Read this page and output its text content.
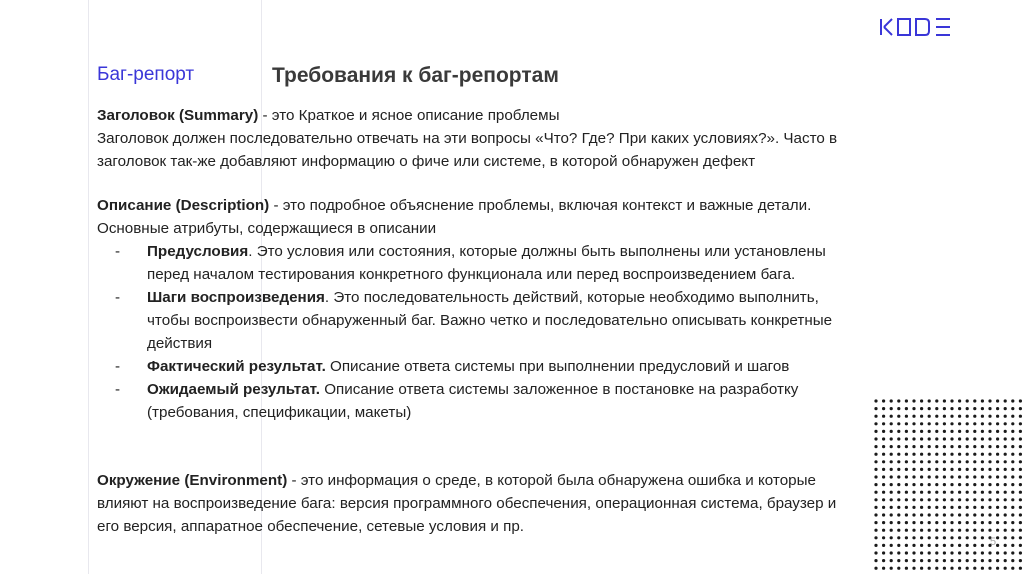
Баг-репорт	Требования к баг-репортам

Заголовок (Summary) - это Краткое и ясное описание проблемы

Заголовок должен последовательно отвечать на эти вопросы «Что? Где? При каких условиях?». Часто в заголовок так-же добавляют информацию о фиче или системе, в которой обнаружен дефект

Описание (Description) - это подробное объяснение проблемы, включая контекст и важные детали.

Основные атрибуты, содержащиеся в описании

- Предусловия. Это условия или состояния, которые должны быть выполнены или установлены перед началом тестирования конкретного функционала или перед воспроизведением бага.
- Шаги воспроизведения. Это последовательность действий, которые необходимо выполнить, чтобы воспроизвести обнаруженный баг. Важно четко и последовательно описывать конкретные действия
- Фактический результат. Описание ответа системы при выполнении предусловий и шагов
- Ожидаемый результат. Описание ответа системы заложенное в постановке на разработку (требования, спецификации, макеты)

Окружение (Environment) - это информация о среде, в которой была обнаружена ошибка и которые влияют на воспроизведение бага: версия программного обеспечения, операционная система, браузер и его версия, аппаратное обеспечение, сетевые условия и пр.

5
